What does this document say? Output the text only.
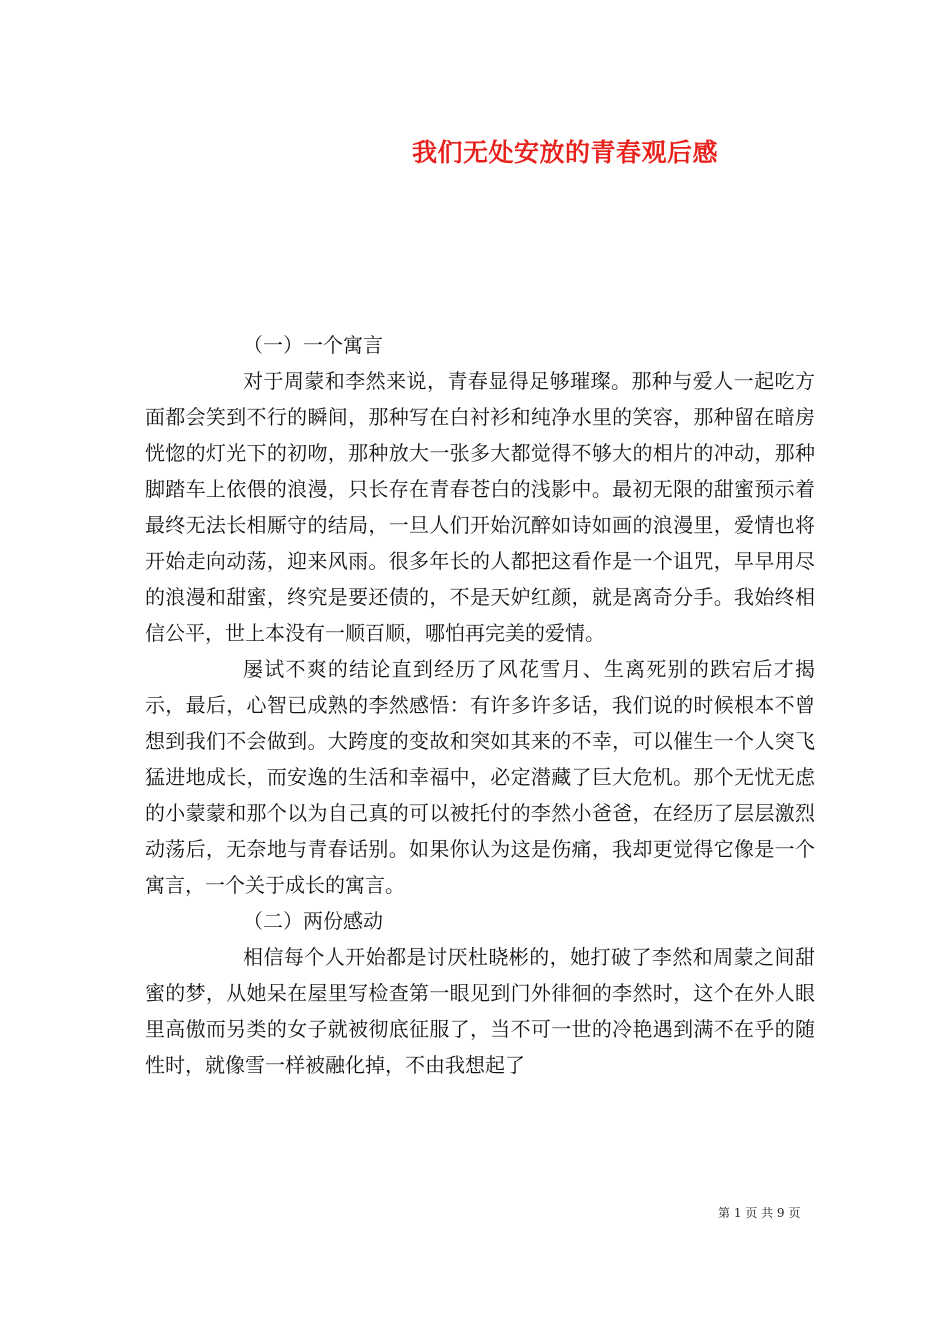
我们无处安放的青春观后感

（一）一个寓言

对于周蒙和李然来说，青春显得足够璀璨。那种与爱人一起吃方面都会笑到不行的瞬间，那种写在白衬衫和纯净水里的笑容，那种留在暗房恍惚的灯光下的初吻，那种放大一张多大都觉得不够大的相片的冲动，那种脚踏车上依偎的浪漫，只长存在青春苍白的浅影中。最初无限的甜蜜预示着最终无法长相厮守的结局，一旦人们开始沉醉如诗如画的浪漫里，爱情也将开始走向动荡，迎来风雨。很多年长的人都把这看作是一个诅咒，早早用尽的浪漫和甜蜜，终究是要还债的，不是天妒红颜，就是离奇分手。我始终相信公平，世上本没有一顺百顺，哪怕再完美的爱情。

屡试不爽的结论直到经历了风花雪月、生离死别的跌宕后才揭示，最后，心智已成熟的李然感悟：有许多许多话，我们说的时候根本不曾想到我们不会做到。大跨度的变故和突如其来的不幸，可以催生一个人突飞猛进地成长，而安逸的生活和幸福中，必定潜藏了巨大危机。那个无忧无虑的小蒙蒙和那个以为自己真的可以被托付的李然小爸爸，在经历了层层激烈动荡后，无奈地与青春话别。如果你认为这是伤痛，我却更觉得它像是一个寓言，一个关于成长的寓言。

（二）两份感动

相信每个人开始都是讨厌杜晓彬的，她打破了李然和周蒙之间甜蜜的梦，从她呆在屋里写检查第一眼见到门外徘徊的李然时，这个在外人眼里高傲而另类的女子就被彻底征服了，当不可一世的冷艳遇到满不在乎的随性时，就像雪一样被融化掉，不由我想起了

第 1 页 共 9 页
